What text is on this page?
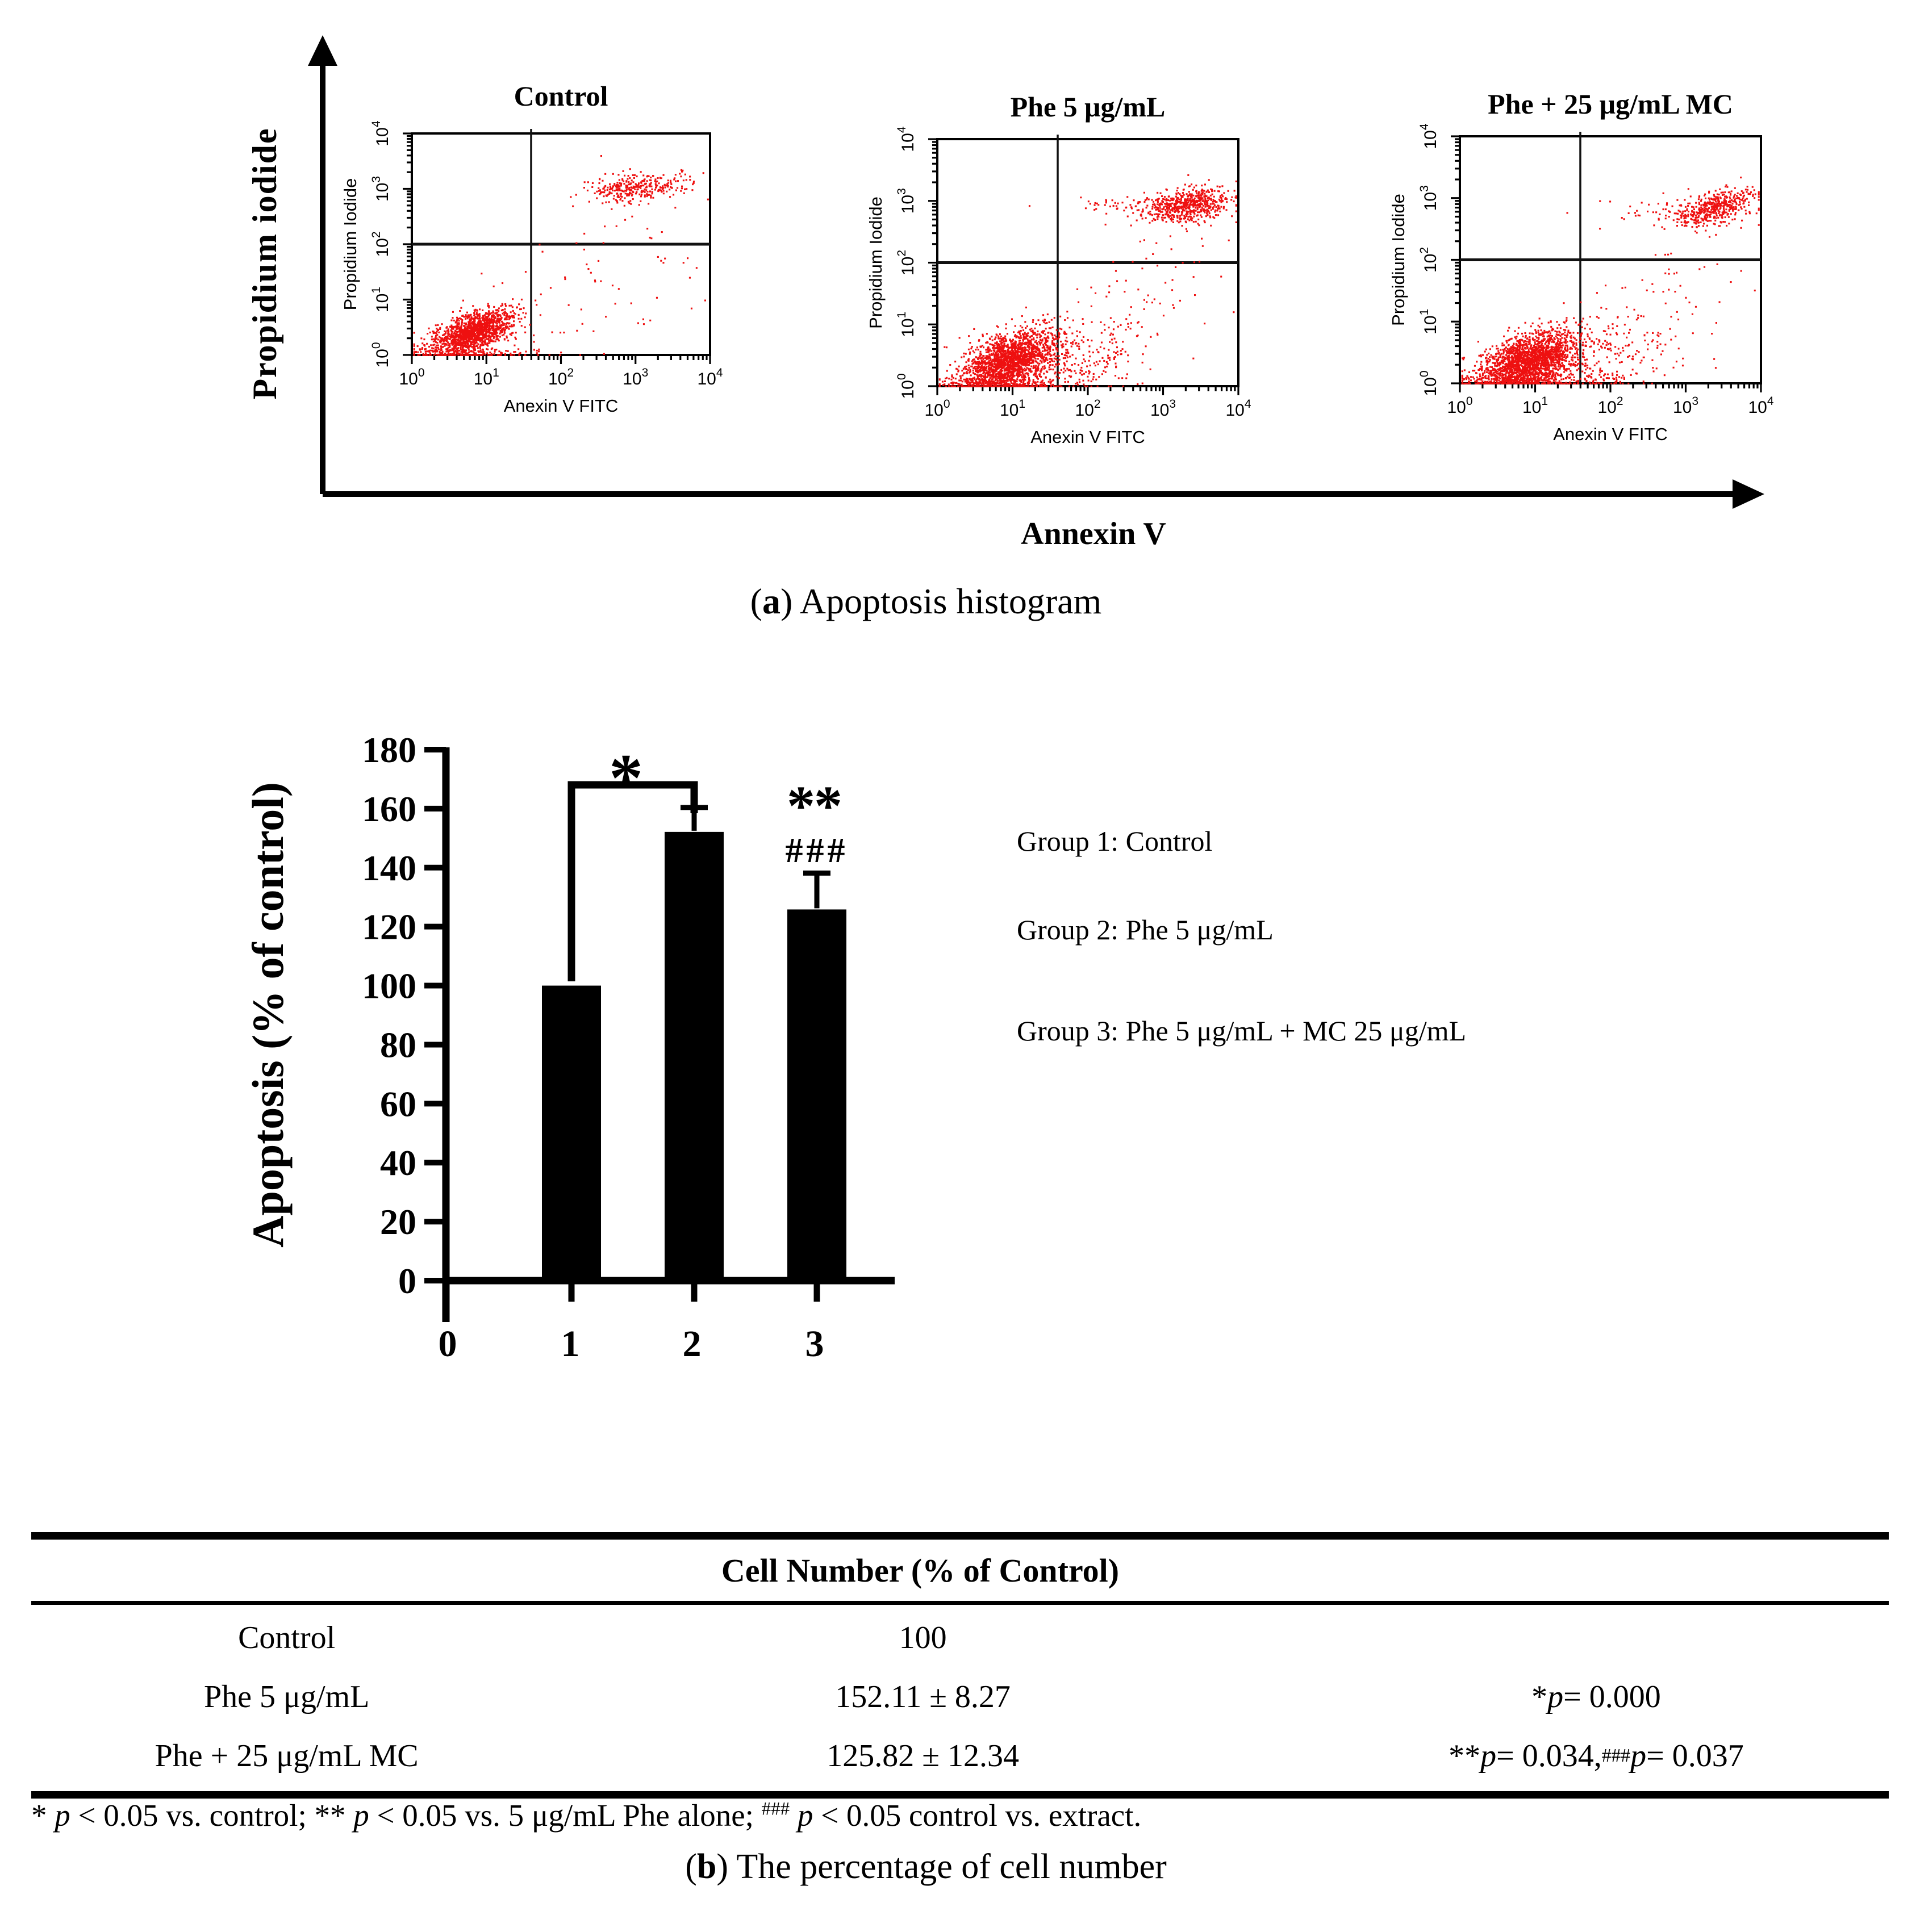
Propidium iodide
Control
$10^0$
$10^0$
$10^1$
$10^1$
$10^2$
$10^2$
$10^3$
$10^3$
$10^4$
$10^4$
Anexin V FITC
Propidium Iodide
Phe 5 μg/mL
$10^0$
$10^0$
$10^1$
$10^1$
$10^2$
$10^2$
$10^3$
$10^3$
$10^4$
$10^4$
Anexin V FITC
Propidium Iodide
Phe + 25 μg/mL MC
$10^0$
$10^0$
$10^1$
$10^1$
$10^2$
$10^2$
$10^3$
$10^3$
$10^4$
$10^4$
Anexin V FITC
Propidium Iodide
Annexin V
(a) Apoptosis histogram
0
20
40
60
80
100
120
140
160
180
0	1	2	3
*	**
###
Apoptosis (% of control)	Group 1: Control
Group 2: Phe 5 μg/mL
Group 3: Phe 5 μg/mL + MC 25 μg/mL
Cell Number (% of Control)
Control	100
Phe 5 μg/mL	152.11 ± 8.27	* p = 0.000
Phe + 25 μg/mL MC	125.82 ± 12.34	** p = 0.034, ### p = 0.037
* p < 0.05 vs. control; ** p < 0.05 vs. 5 μg/mL Phe alone; ### p < 0.05 control vs. extract.
(b) The percentage of cell number
